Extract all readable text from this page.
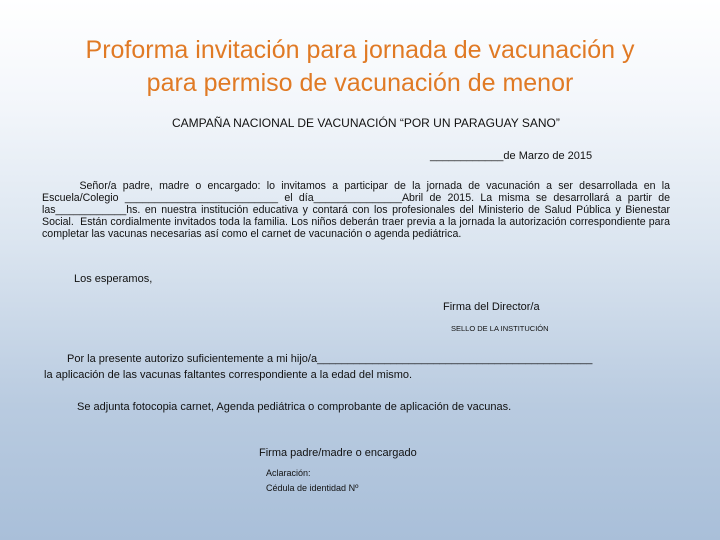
Proforma invitación para jornada de vacunación y
para permiso de vacunación de menor
CAMPAÑA NACIONAL DE VACUNACIÓN “POR UN PARAGUAY SANO”
____________de Marzo de 2015
Señor/a padre, madre o encargado: lo invitamos a participar de la jornada de vacunación a ser desarrollada en la Escuela/Colegio __________________________ el día_______________Abril de 2015. La misma se desarrollará a partir de las____________hs. en nuestra institución educativa y contará con los profesionales del Ministerio de Salud Pública y Bienestar Social.  Están cordialmente invitados toda la familia. Los niños deberán traer previa a la jornada la autorización correspondiente para  completar las vacunas necesarias así como el carnet de vacunación o agenda pediátrica.
Los esperamos,
Firma del Director/a
SELLO DE LA INSTITUCIÓN
Por la presente autorizo suficientemente a mi hijo/a_____________________________________________
la aplicación de las vacunas faltantes correspondiente a la edad del mismo.
Se adjunta fotocopia carnet, Agenda pediátrica o comprobante de aplicación de vacunas.
Firma padre/madre o encargado
Aclaración:
Cédula de identidad Nº
